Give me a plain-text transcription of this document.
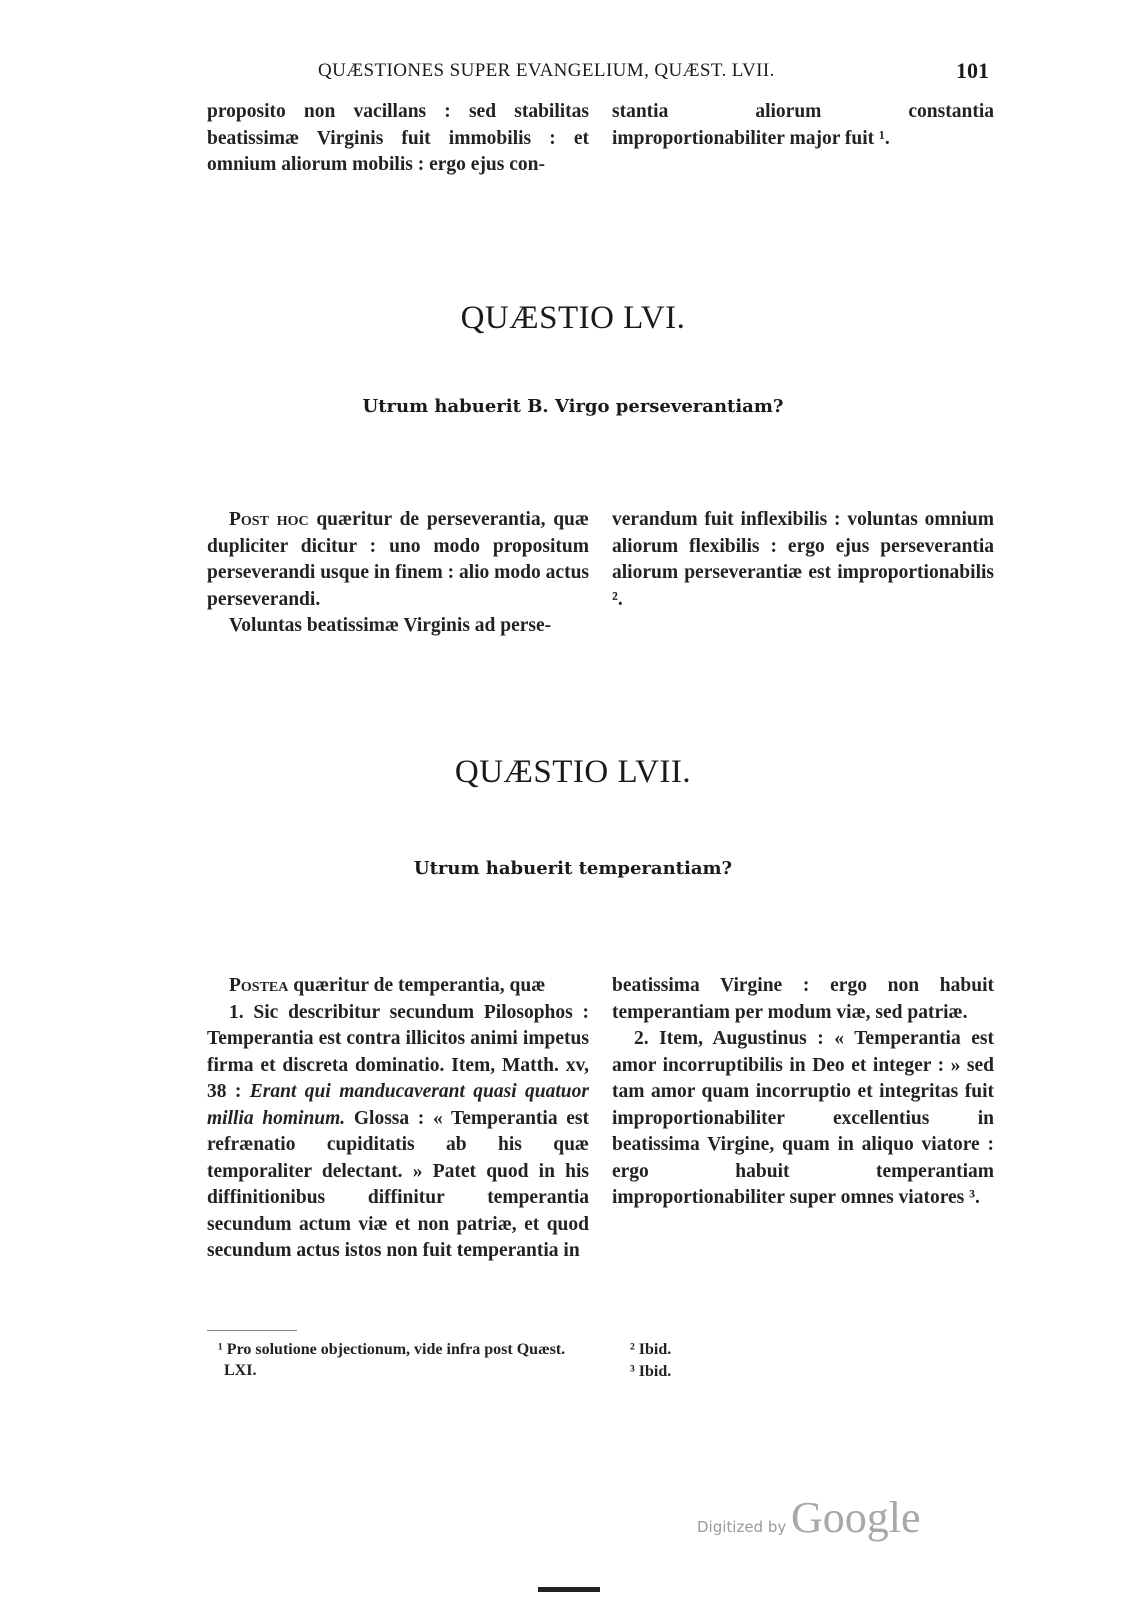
QUÆSTIONES SUPER EVANGELIUM, QUÆST. LVII.	101

proposito non vacillans : sed stabilitas beatissimæ Virginis fuit immobilis : et omnium aliorum mobilis : ergo ejus con-

stantia aliorum constantia improportionabiliter major fuit ¹.

QUÆSTIO LVI.
Utrum habuerit B. Virgo perseverantiam?

Post hoc quæritur de perseverantia, quæ dupliciter dicitur : uno modo propositum perseverandi usque in finem : alio modo actus perseverandi.

Voluntas beatissimæ Virginis ad perse-

verandum fuit inflexibilis : voluntas omnium aliorum flexibilis : ergo ejus perseverantia aliorum perseverantiæ est improportionabilis ².

QUÆSTIO LVII.
Utrum habuerit temperantiam?

Postea quæritur de temperantia, quæ

1. Sic describitur secundum Pilosophos : Temperantia est contra illicitos animi impetus firma et discreta dominatio. Item, Matth. xv, 38 : Erant qui manducaverant quasi quatuor millia hominum. Glossa : « Temperantia est refrænatio cupiditatis ab his quæ temporaliter delectant. » Patet quod in his diffinitionibus diffinitur temperantia secundum actum viæ et non patriæ, et quod secundum actus istos non fuit temperantia in

beatissima Virgine : ergo non habuit temperantiam per modum viæ, sed patriæ.

2. Item, Augustinus : « Temperantia est amor incorruptibilis in Deo et integer : » sed tam amor quam incorruptio et integritas fuit improportionabiliter excellentius in beatissima Virgine, quam in aliquo viatore : ergo habuit temperantiam improportionabiliter super omnes viatores ³.

¹ Pro solutione objectionum, vide infra post Quæst. LXI.
² Ibid.
³ Ibid.
Digitized by Google
